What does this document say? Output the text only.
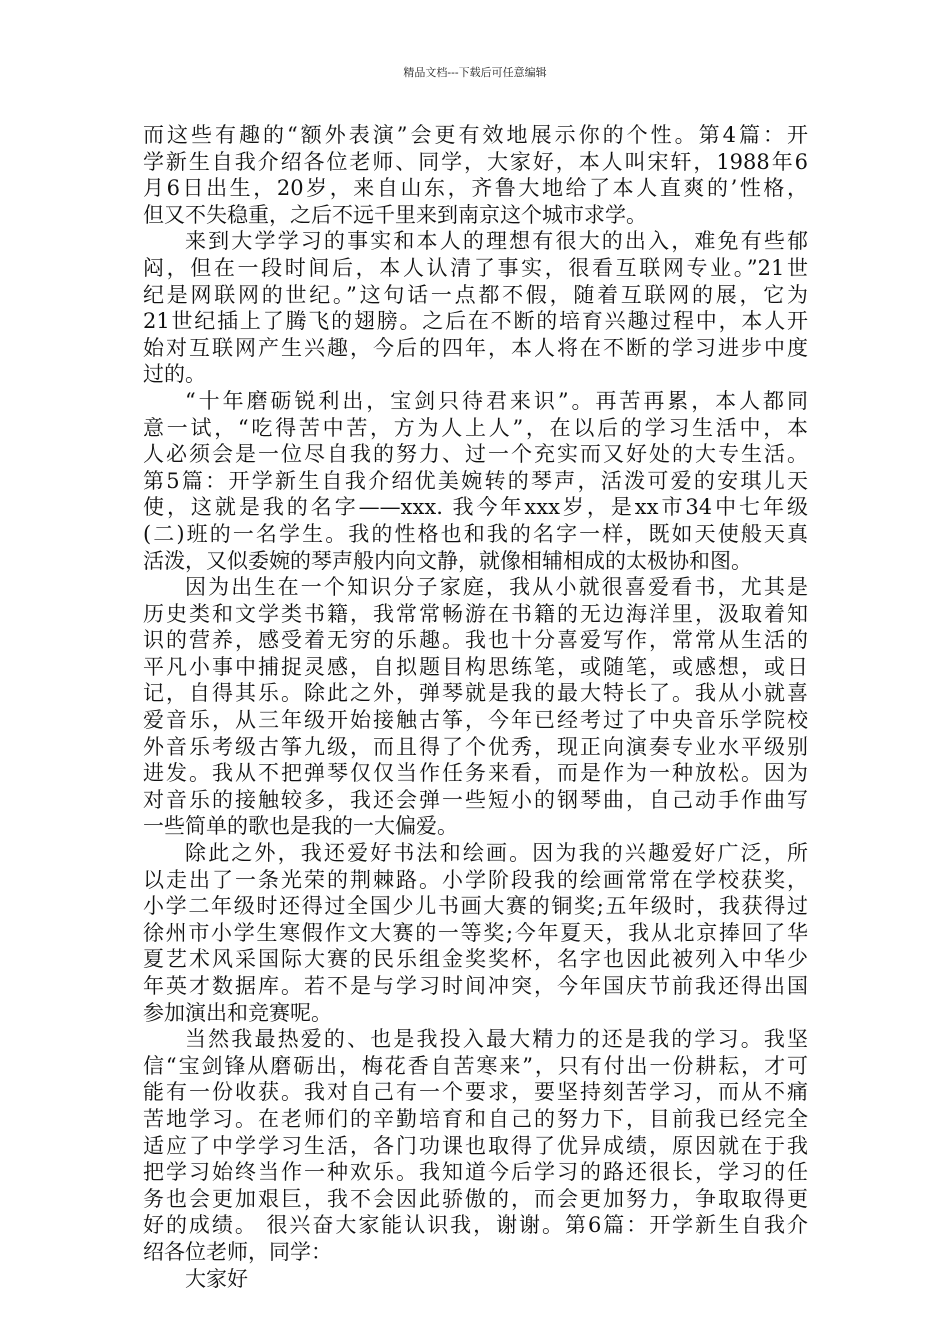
精品文档---下载后可任意编辑
而这些有趣的“额外表演”会更有效地展示你的个性。第4篇：开
学新生自我介绍各位老师、同学，大家好，本人叫宋轩，1988年6
月6日出生，20岁，来自山东，齐鲁大地给了本人直爽的’性格，
但又不失稳重，之后不远千里来到南京这个城市求学。
来到大学学习的事实和本人的理想有很大的出入，难免有些郁
闷，但在一段时间后，本人认清了事实，很看互联网专业。”21世
纪是网联网的世纪。”这句话一点都不假，随着互联网的展，它为
21世纪插上了腾飞的翅膀。之后在不断的培育兴趣过程中，本人开
始对互联网产生兴趣，今后的四年，本人将在不断的学习进步中度
过的。
“十年磨砺锐利出，宝剑只待君来识”。再苦再累，本人都同
意一试，“吃得苦中苦，方为人上人”，在以后的学习生活中，本
人必须会是一位尽自我的努力、过一个充实而又好处的大专生活。
第5篇：开学新生自我介绍优美婉转的琴声，活泼可爱的安琪儿天
使，这就是我的名字——xxx. 我今年xxx岁，是xx市34中七年级
(二)班的一名学生。我的性格也和我的名字一样，既如天使般天真
活泼，又似委婉的琴声般内向文静，就像相辅相成的太极协和图。
因为出生在一个知识分子家庭，我从小就很喜爱看书，尤其是
历史类和文学类书籍，我常常畅游在书籍的无边海洋里，汲取着知
识的营养，感受着无穷的乐趣。我也十分喜爱写作，常常从生活的
平凡小事中捕捉灵感，自拟题目构思练笔，或随笔，或感想，或日
记，自得其乐。除此之外，弹琴就是我的最大特长了。我从小就喜
爱音乐，从三年级开始接触古筝，今年已经考过了中央音乐学院校
外音乐考级古筝九级，而且得了个优秀，现正向演奏专业水平级别
进发。我从不把弹琴仅仅当作任务来看，而是作为一种放松。因为
对音乐的接触较多，我还会弹一些短小的钢琴曲，自己动手作曲写
一些简单的歌也是我的一大偏爱。
除此之外，我还爱好书法和绘画。因为我的兴趣爱好广泛，所
以走出了一条光荣的荆棘路。小学阶段我的绘画常常在学校获奖，
小学二年级时还得过全国少儿书画大赛的铜奖;五年级时，我获得过
徐州市小学生寒假作文大赛的一等奖;今年夏天，我从北京捧回了华
夏艺术风采国际大赛的民乐组金奖奖杯，名字也因此被列入中华少
年英才数据库。若不是与学习时间冲突，今年国庆节前我还得出国
参加演出和竞赛呢。
当然我最热爱的、也是我投入最大精力的还是我的学习。我坚
信“宝剑锋从磨砺出，梅花香自苦寒来”，只有付出一份耕耘，才可
能有一份收获。我对自己有一个要求，要坚持刻苦学习，而从不痛
苦地学习。在老师们的辛勤培育和自己的努力下，目前我已经完全
适应了中学学习生活，各门功课也取得了优异成绩，原因就在于我
把学习始终当作一种欢乐。我知道今后学习的路还很长，学习的任
务也会更加艰巨，我不会因此骄傲的，而会更加努力，争取取得更
好的成绩。 很兴奋大家能认识我，谢谢。第6篇：开学新生自我介
绍各位老师，同学：
大家好
